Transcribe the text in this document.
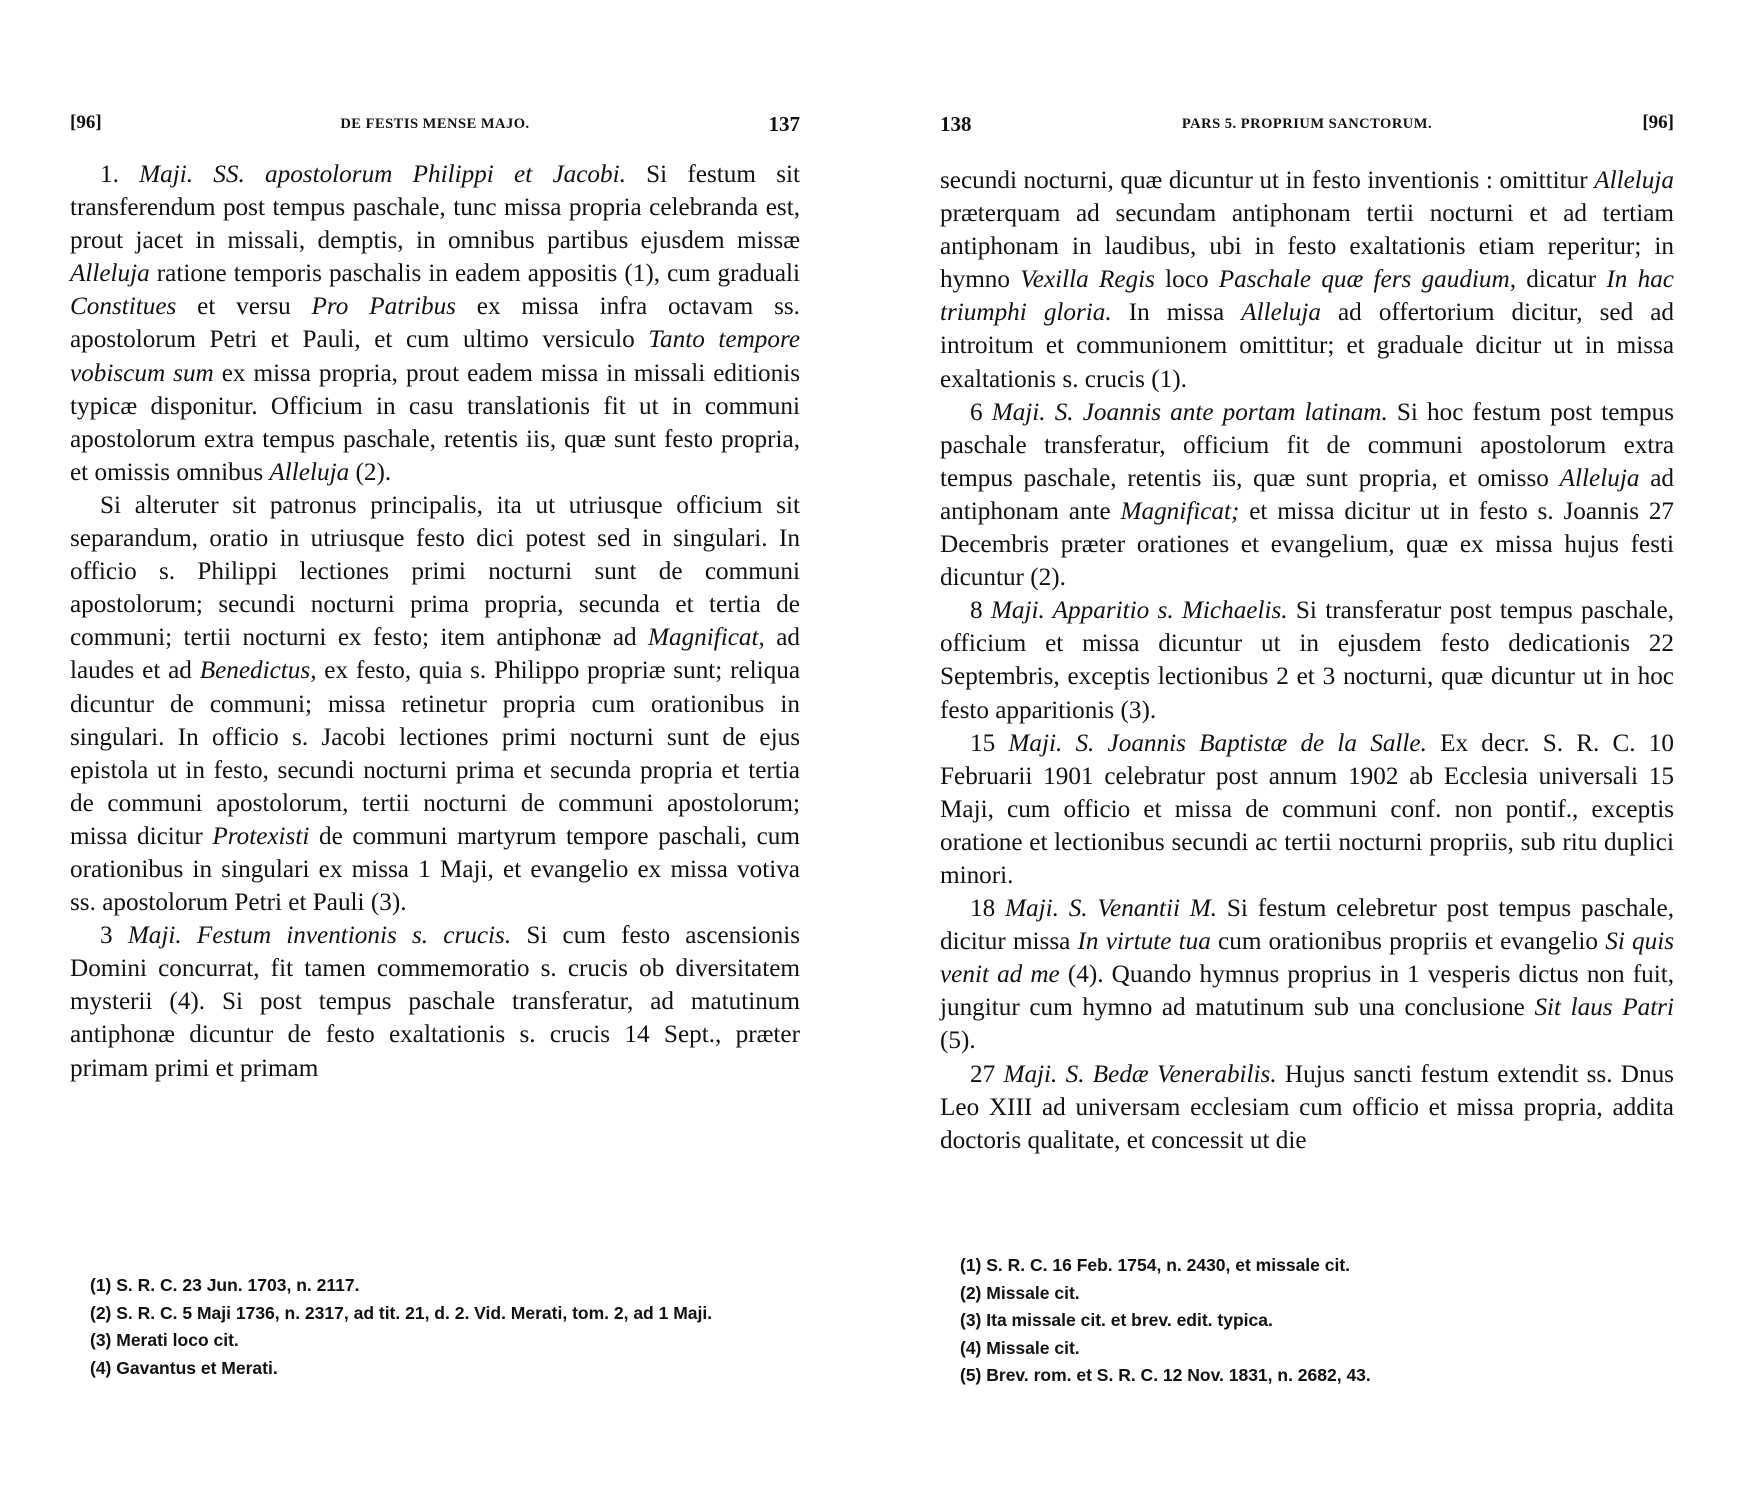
[96]	DE FESTIS MENSE MAJO.	137

1. Maji. SS. apostolorum Philippi et Jacobi. Si festum sit transferendum post tempus paschale, tunc missa propria celebranda est, prout jacet in missali, demptis, in omnibus partibus ejusdem missæ Alleluja ratione temporis paschalis in eadem appositis (1), cum graduali Constitues et versu Pro Patribus ex missa infra octavam ss. apostolorum Petri et Pauli, et cum ultimo versiculo Tanto tempore vobiscum sum ex missa propria, prout eadem missa in missali editionis typicæ disponitur. Officium in casu translationis fit ut in communi apostolorum extra tempus paschale, retentis iis, quæ sunt festo propria, et omissis omnibus Alleluja (2).

Si alteruter sit patronus principalis, ita ut utriusque officium sit separandum, oratio in utriusque festo dici potest sed in singulari. In officio s. Philippi lectiones primi nocturni sunt de communi apostolorum; secundi nocturni prima propria, secunda et tertia de communi; tertii nocturni ex festo; item antiphonæ ad Magnificat, ad laudes et ad Benedictus, ex festo, quia s. Philippo propriæ sunt; reliqua dicuntur de communi; missa retinetur propria cum orationibus in singulari. In officio s. Jacobi lectiones primi nocturni sunt de ejus epistola ut in festo, secundi nocturni prima et secunda propria et tertia de communi apostolorum, tertii nocturni de communi apostolorum; missa dicitur Protexisti de communi martyrum tempore paschali, cum orationibus in singulari ex missa 1 Maji, et evangelio ex missa votiva ss. apostolorum Petri et Pauli (3).

3 Maji. Festum inventionis s. crucis. Si cum festo ascensionis Domini concurrat, fit tamen commemoratio s. crucis ob diversitatem mysterii (4). Si post tempus paschale transferatur, ad matutinum antiphonæ dicuntur de festo exaltationis s. crucis 14 Sept., præter primam primi et primam

(1) S. R. C. 23 Jun. 1703, n. 2117.
(2) S. R. C. 5 Maji 1736, n. 2317, ad tit. 21, d. 2. Vid. Merati, tom. 2, ad 1 Maji.
(3) Merati loco cit.
(4) Gavantus et Merati.
138	PARS 5. PROPRIUM SANCTORUM.	[96]

secundi nocturni, quæ dicuntur ut in festo inventionis : omittitur Alleluja præterquam ad secundam antiphonam tertii nocturni et ad tertiam antiphonam in laudibus, ubi in festo exaltationis etiam reperitur; in hymno Vexilla Regis loco Paschale quæ fers gaudium, dicatur In hac triumphi gloria. In missa Alleluja ad offertorium dicitur, sed ad introitum et communionem omittitur; et graduale dicitur ut in missa exaltationis s. crucis (1).

6 Maji. S. Joannis ante portam latinam. Si hoc festum post tempus paschale transferatur, officium fit de communi apostolorum extra tempus paschale, retentis iis, quæ sunt propria, et omisso Alleluja ad antiphonam ante Magnificat; et missa dicitur ut in festo s. Joannis 27 Decembris præter orationes et evangelium, quæ ex missa hujus festi dicuntur (2).

8 Maji. Apparitio s. Michaelis. Si transferatur post tempus paschale, officium et missa dicuntur ut in ejusdem festo dedicationis 22 Septembris, exceptis lectionibus 2 et 3 nocturni, quæ dicuntur ut in hoc festo apparitionis (3).

15 Maji. S. Joannis Baptistæ de la Salle. Ex decr. S. R. C. 10 Februarii 1901 celebratur post annum 1902 ab Ecclesia universali 15 Maji, cum officio et missa de communi conf. non pontif., exceptis oratione et lectionibus secundi ac tertii nocturni propriis, sub ritu duplici minori.

18 Maji. S. Venantii M. Si festum celebretur post tempus paschale, dicitur missa In virtute tua cum orationibus propriis et evangelio Si quis venit ad me (4). Quando hymnus proprius in 1 vesperis dictus non fuit, jungitur cum hymno ad matutinum sub una conclusione Sit laus Patri (5).

27 Maji. S. Bedæ Venerabilis. Hujus sancti festum extendit ss. Dnus Leo XIII ad universam ecclesiam cum officio et missa propria, addita doctoris qualitate, et concessit ut die

(1) S. R. C. 16 Feb. 1754, n. 2430, et missale cit.
(2) Missale cit.
(3) Ita missale cit. et brev. edit. typica.
(4) Missale cit.
(5) Brev. rom. et S. R. C. 12 Nov. 1831, n. 2682, 43.
